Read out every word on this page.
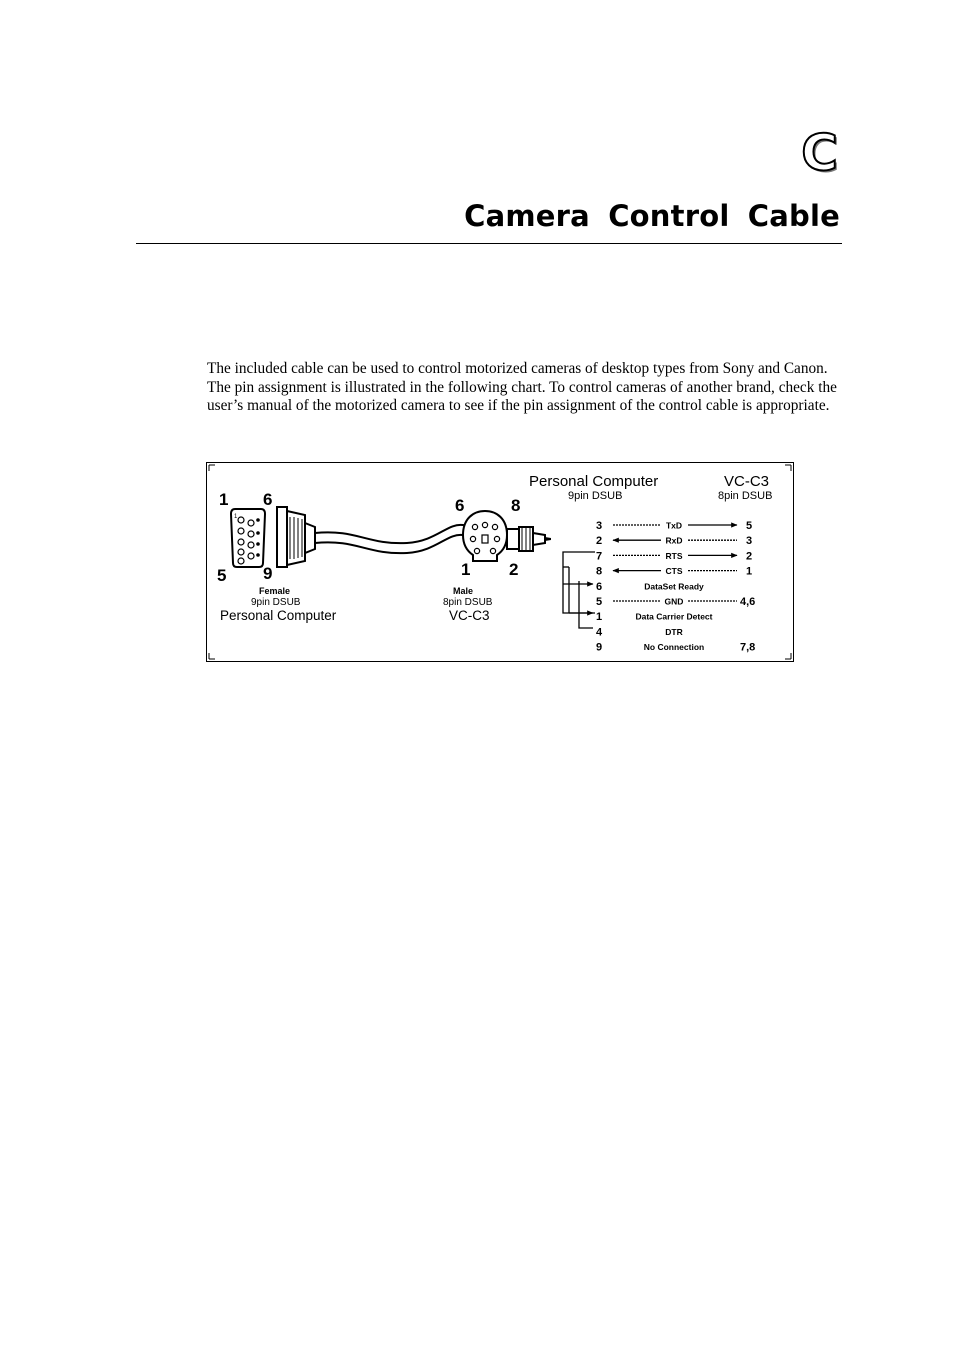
C
Camera Control Cable

The included cable can be used to control motorized cameras of desktop types from Sony and Canon. The pin assignment is illustrated in the following chart. To control cameras of another brand, check the user’s manual of the motorized camera to see if the pin assignment of the control cable is appropriate.

1 6
5 9
1
Female
9pin DSUB
Personal Computer
6	8
1 2
Male
8pin DSUB
VC-C3
Personal Computer
9pin DSUB
VC-C3
8pin DSUB
3	TxD	5
2	RxD	3
7	RTS	2
8	CTS	1
6	DataSet Ready
5	GND	4,6
1	Data Carrier Detect
4	DTR
9	No Connection	7,8
